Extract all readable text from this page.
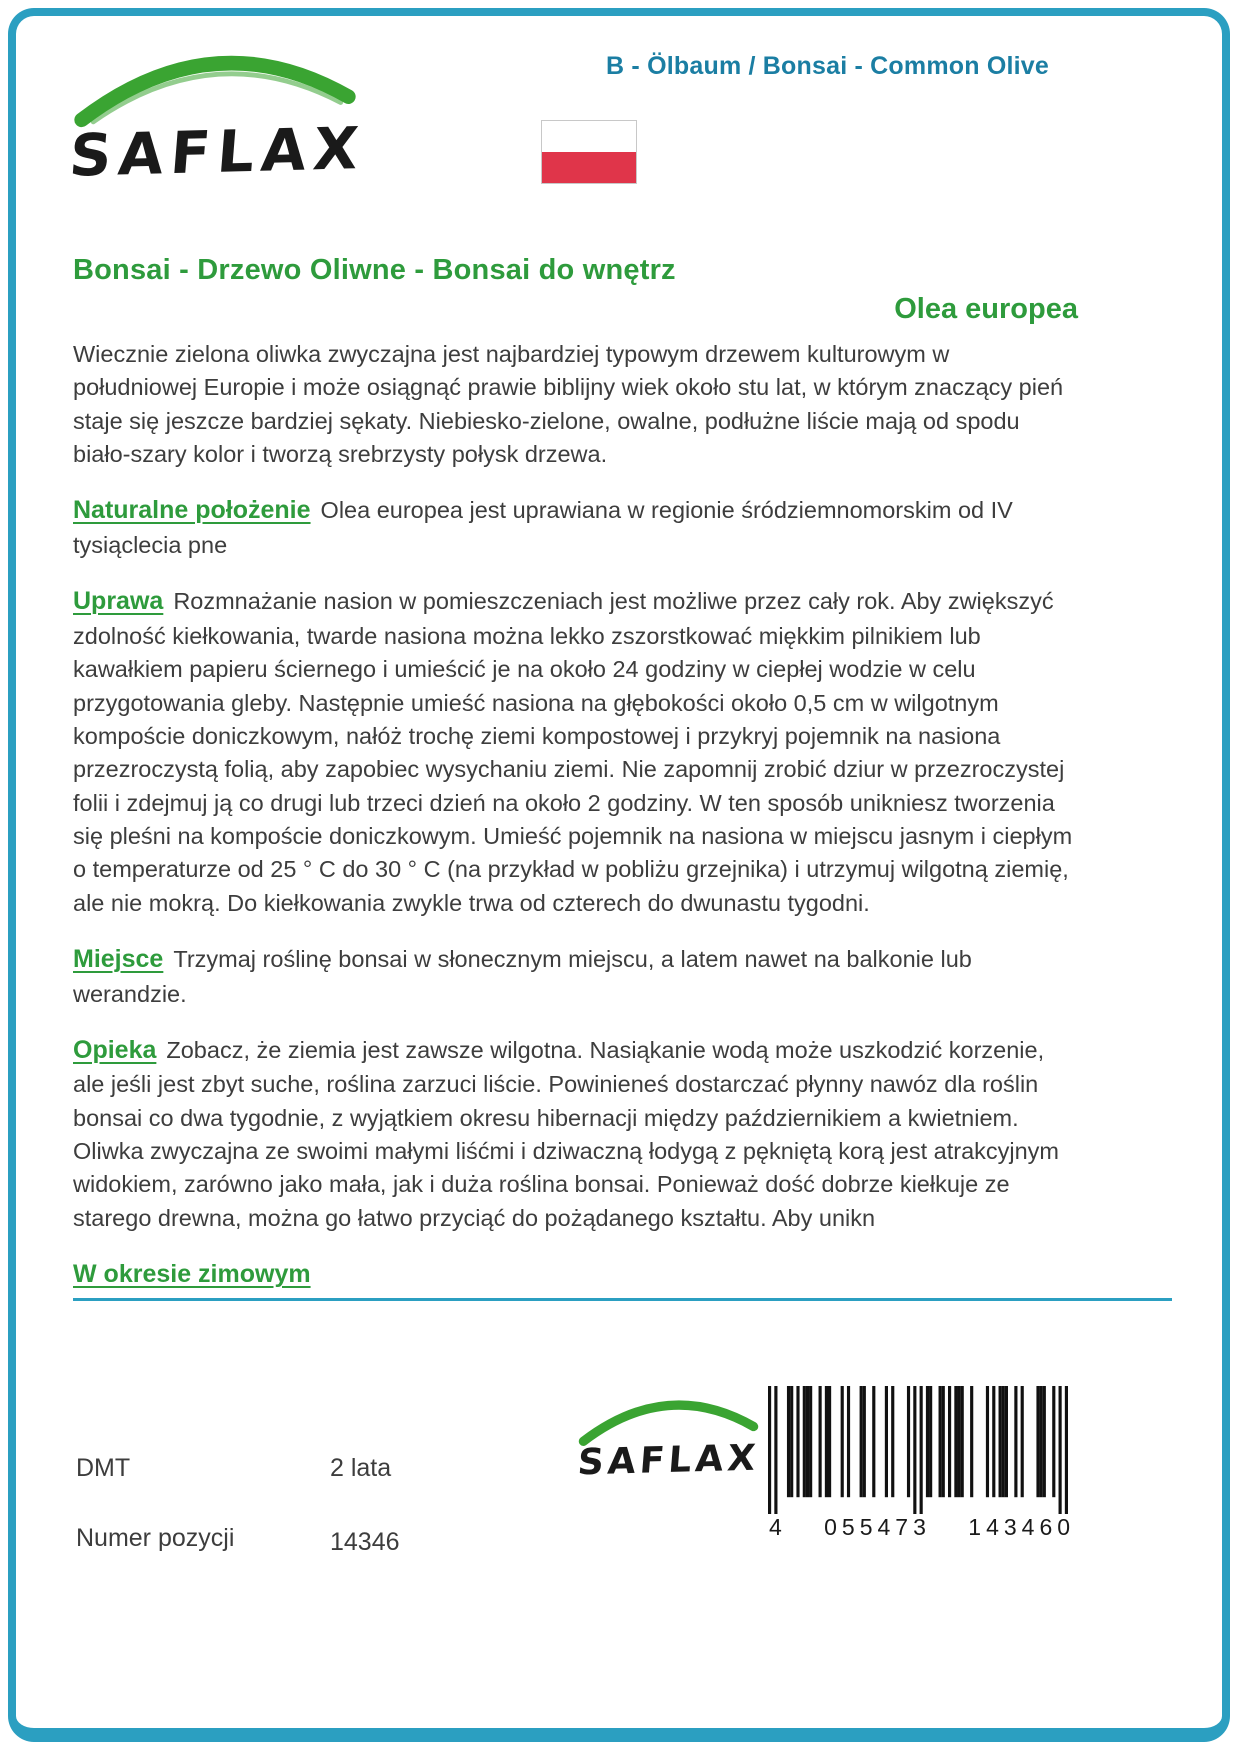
B - Ölbaum / Bonsai - Common Olive
SAFLAX
Bonsai - Drzewo Oliwne - Bonsai do wnętrz
Olea europea

Wiecznie zielona oliwka zwyczajna jest najbardziej typowym drzewem kulturowym w południowej Europie i może osiągnąć prawie biblijny wiek około stu lat, w którym znaczący pień staje się jeszcze bardziej sękaty. Niebiesko-zielone, owalne, podłużne liście mają od spodu biało-szary kolor i tworzą srebrzysty połysk drzewa.

Naturalne położenie Olea europea jest uprawiana w regionie śródziemnomorskim od IV tysiąclecia pne

Uprawa Rozmnażanie nasion w pomieszczeniach jest możliwe przez cały rok. Aby zwiększyć zdolność kiełkowania, twarde nasiona można lekko zszorstkować miękkim pilnikiem lub kawałkiem papieru ściernego i umieścić je na około 24 godziny w ciepłej wodzie w celu przygotowania gleby. Następnie umieść nasiona na głębokości około 0,5 cm w wilgotnym kompoście doniczkowym, nałóż trochę ziemi kompostowej i przykryj pojemnik na nasiona przezroczystą folią, aby zapobiec wysychaniu ziemi. Nie zapomnij zrobić dziur w przezroczystej folii i zdejmuj ją co drugi lub trzeci dzień na około 2 godziny. W ten sposób unikniesz tworzenia się pleśni na kompoście doniczkowym. Umieść pojemnik na nasiona w miejscu jasnym i ciepłym o temperaturze od 25 ° C do 30 ° C (na przykład w pobliżu grzejnika) i utrzymuj wilgotną ziemię, ale nie mokrą. Do kiełkowania zwykle trwa od czterech do dwunastu tygodni.

Miejsce Trzymaj roślinę bonsai w słonecznym miejscu, a latem nawet na balkonie lub werandzie.

Opieka Zobacz, że ziemia jest zawsze wilgotna. Nasiąkanie wodą może uszkodzić korzenie, ale jeśli jest zbyt suche, roślina zarzuci liście. Powinieneś dostarczać płynny nawóz dla roślin bonsai co dwa tygodnie, z wyjątkiem okresu hibernacji między październikiem a kwietniem. Oliwka zwyczajna ze swoimi małymi liśćmi i dziwaczną łodygą z pękniętą korą jest atrakcyjnym widokiem, zarówno jako mała, jak i duża roślina bonsai. Ponieważ dość dobrze kiełkuje ze starego drewna, można go łatwo przyciąć do pożądanego kształtu. Aby unikn

W okresie zimowym

DMT	2 lata
Numer pozycji	14346
SAFLAX
4 055473 143460
